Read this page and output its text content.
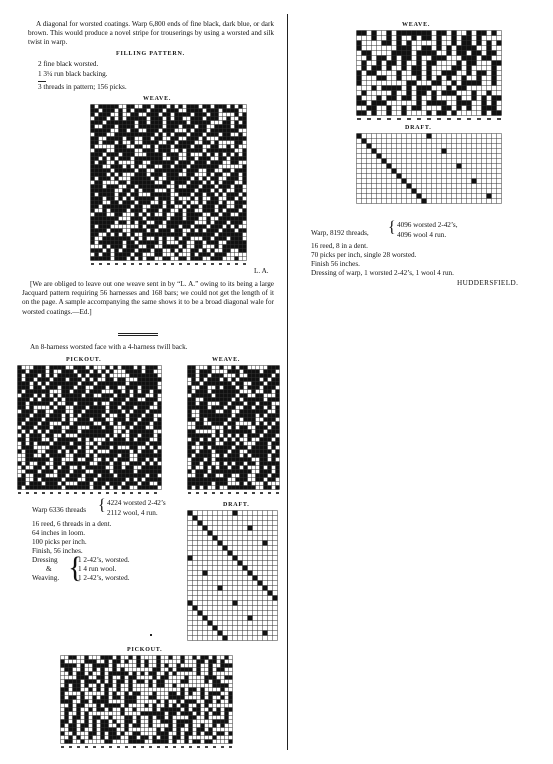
A diagonal for worsted coatings. Warp 6,800 ends of fine black, dark blue, or dark brown. This would produce a novel stripe for trouserings by using a worsted and silk twist in warp.
FILLING PATTERN.
2 fine black worsted.
1 3¼ run black backing.
3 threads in pattern; 156 picks.
WEAVE.
L. A.
[We are obliged to leave out one weave sent in by “L. A.” owing to its being a large Jacquard pattern requiring 56 harnesses and 168 bars; we could not get the length of it on the page. A sample accompanying the same shows it to be a broad diagonal wale for worsted coatings.—Ed.]
An 8-harness worsted face with a 4-harness twill back.
PICKOUT.	WEAVE.
Warp 6336 threads { 4224 worsted 2-42’s
2112 wool, 4 run.
16 reed, 6 threads in a dent.
64 inches in loom.
100 picks per inch.
Finish, 56 inches.
Dressing
&
Weaving. {
1 2-42’s, worsted.
1 4 run wool.
1 2-42’s, worsted.
DRAFT.
PICKOUT.
WEAVE.
DRAFT.
Warp, 8192 threads, { 4096 worsted 2-42’s,
4096 wool 4 run.
16 reed, 8 in a dent.
70 picks per inch, single 28 worsted.
Finish 56 inches.
Dressing of warp, 1 worsted 2-42’s, 1 wool 4 run.
HUDDERSFIELD.
